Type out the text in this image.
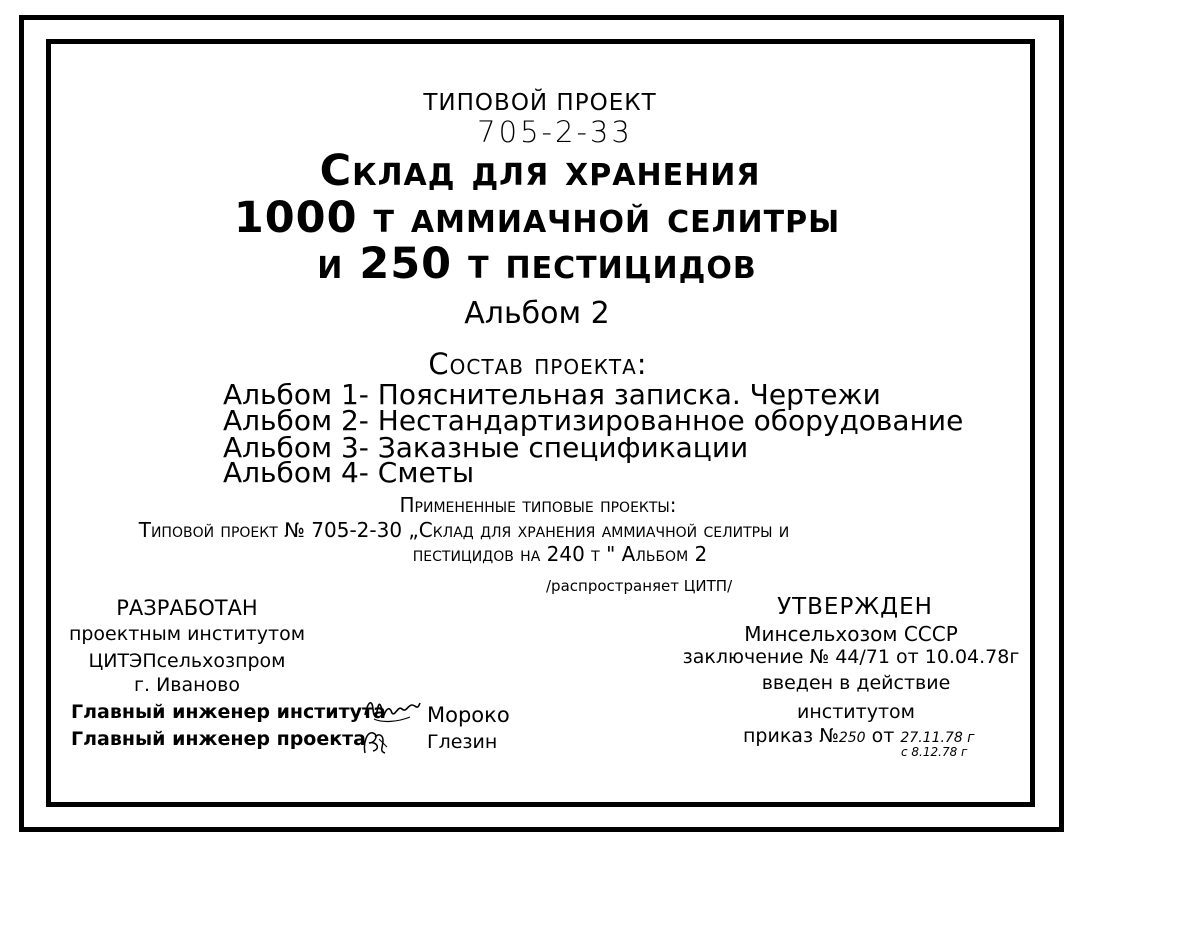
ТИПОВОЙ ПРОЕКТ
705-2-33
Склад для хранения
1000 т аммиачной селитры
и 250 т пестицидов
Альбом 2
Состав проекта:
Альбом 1- Пояснительная записка. Чертежи
Альбом 2- Нестандартизированное оборудование
Альбом 3- Заказные спецификации
Альбом 4- Сметы
Примененные типовые проекты:
Типовой проект № 705-2-30 „Склад для хранения аммиачной селитры и
пестицидов на 240 т " Альбом 2
/распространяет ЦИТП/
РАЗРАБОТАН
проектным институтом
ЦИТЭПсельхозпром
г. Иваново
Главный инженер института Мороко
Главный инженер проекта	Глезин
УТВЕРЖДЕН
Минсельхозом СССР
заключение № 44/71 от 10.04.78г
введен в действие
институтом
приказ №250 от 27.11.78 г
с 8.12.78 г
